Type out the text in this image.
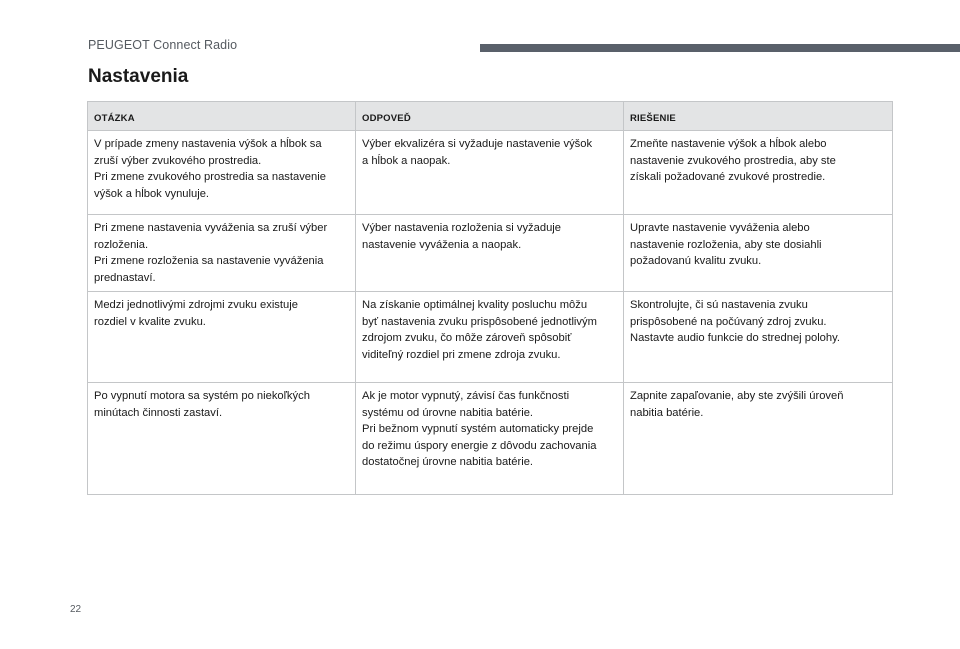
PEUGEOT Connect Radio
Nastavenia
OTÁZKA	ODPOVEĎ	RIEŠENIE

V prípade zmeny nastavenia výšok a hĺbok sa
zruší výber zvukového prostredia.
Pri zmene zvukového prostredia sa nastavenie
výšok a hĺbok vynuluje.	Výber ekvalizéra si vyžaduje nastavenie výšok
a hĺbok a naopak.	Zmeňte nastavenie výšok a hĺbok alebo
nastavenie zvukového prostredia, aby ste
získali požadované zvukové prostredie.

Pri zmene nastavenia vyváženia sa zruší výber
rozloženia.
Pri zmene rozloženia sa nastavenie vyváženia
prednastaví.	Výber nastavenia rozloženia si vyžaduje
nastavenie vyváženia a naopak.	Upravte nastavenie vyváženia alebo
nastavenie rozloženia, aby ste dosiahli
požadovanú kvalitu zvuku.

Medzi jednotlivými zdrojmi zvuku existuje
rozdiel v kvalite zvuku.	Na získanie optimálnej kvality posluchu môžu
byť nastavenia zvuku prispôsobené jednotlivým
zdrojom zvuku, čo môže zároveň spôsobiť
viditeľný rozdiel pri zmene zdroja zvuku.	Skontrolujte, či sú nastavenia zvuku
prispôsobené na počúvaný zdroj zvuku.
Nastavte audio funkcie do strednej polohy.

Po vypnutí motora sa systém po niekoľkých
minútach činnosti zastaví.	Ak je motor vypnutý, závisí čas funkčnosti
systému od úrovne nabitia batérie.
Pri bežnom vypnutí systém automaticky prejde
do režimu úspory energie z dôvodu zachovania
dostatočnej úrovne nabitia batérie.	Zapnite zapaľovanie, aby ste zvýšili úroveň
nabitia batérie.
22
